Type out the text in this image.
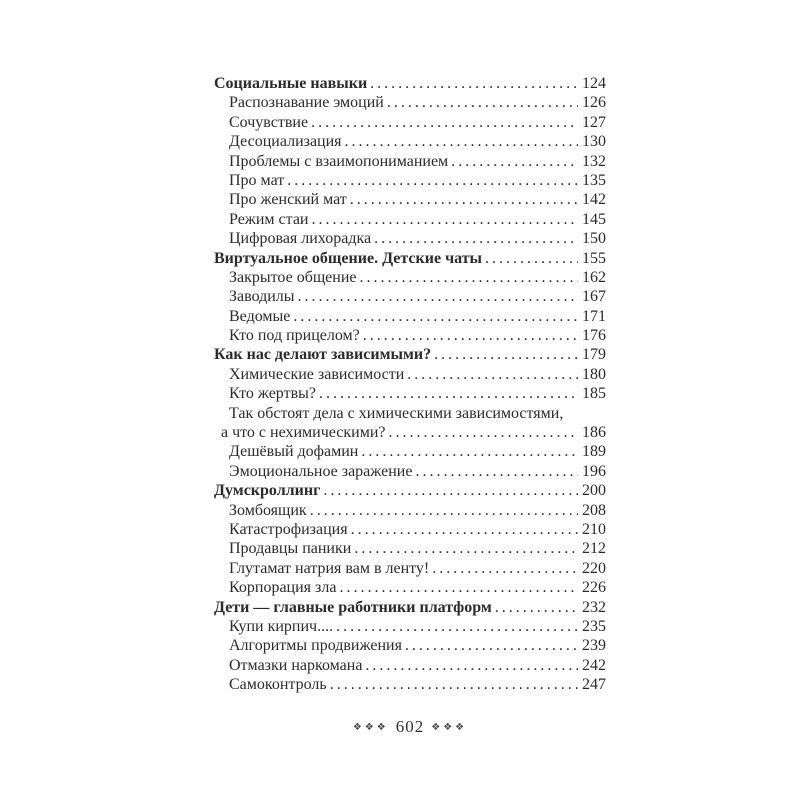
Социальные навыки . . .	124
Распознавание эмоций . . .	126
Сочувствие . . .	127
Десоциализация . . .	130
Проблемы с взаимопониманием . . .	132
Про мат . . .	135
Про женский мат . . .	142
Режим стаи . . .	145
Цифровая лихорадка . . .	150
Виртуальное общение. Детские чаты . . .	155
Закрытое общение . . .	162
Заводилы . . .	167
Ведомые . . .	171
Кто под прицелом? . . .	176
Как нас делают зависимыми? . . .	179
Химические зависимости . . .	180
Кто жертвы? . . .	185
Так обстоят дела с химическими зависимостями,
а что с нехимическими? . . .	186
Дешёвый дофамин . . .	189
Эмоциональное заражение . . .	196
Думскроллинг . . .	200
Зомбоящик . . .	208
Катастрофизация . . .	210
Продавцы паники . . .	212
Глутамат натрия вам в ленту! . . .	220
Корпорация зла . . .	226
Дети — главные работники платформ . . .	232
Купи кирпич.... . . .	235
Алгоритмы продвижения . . .	239
Отмазки наркомана . . .	242
Самоконтроль . . .	247
❖❖❖ 602 ❖❖❖
